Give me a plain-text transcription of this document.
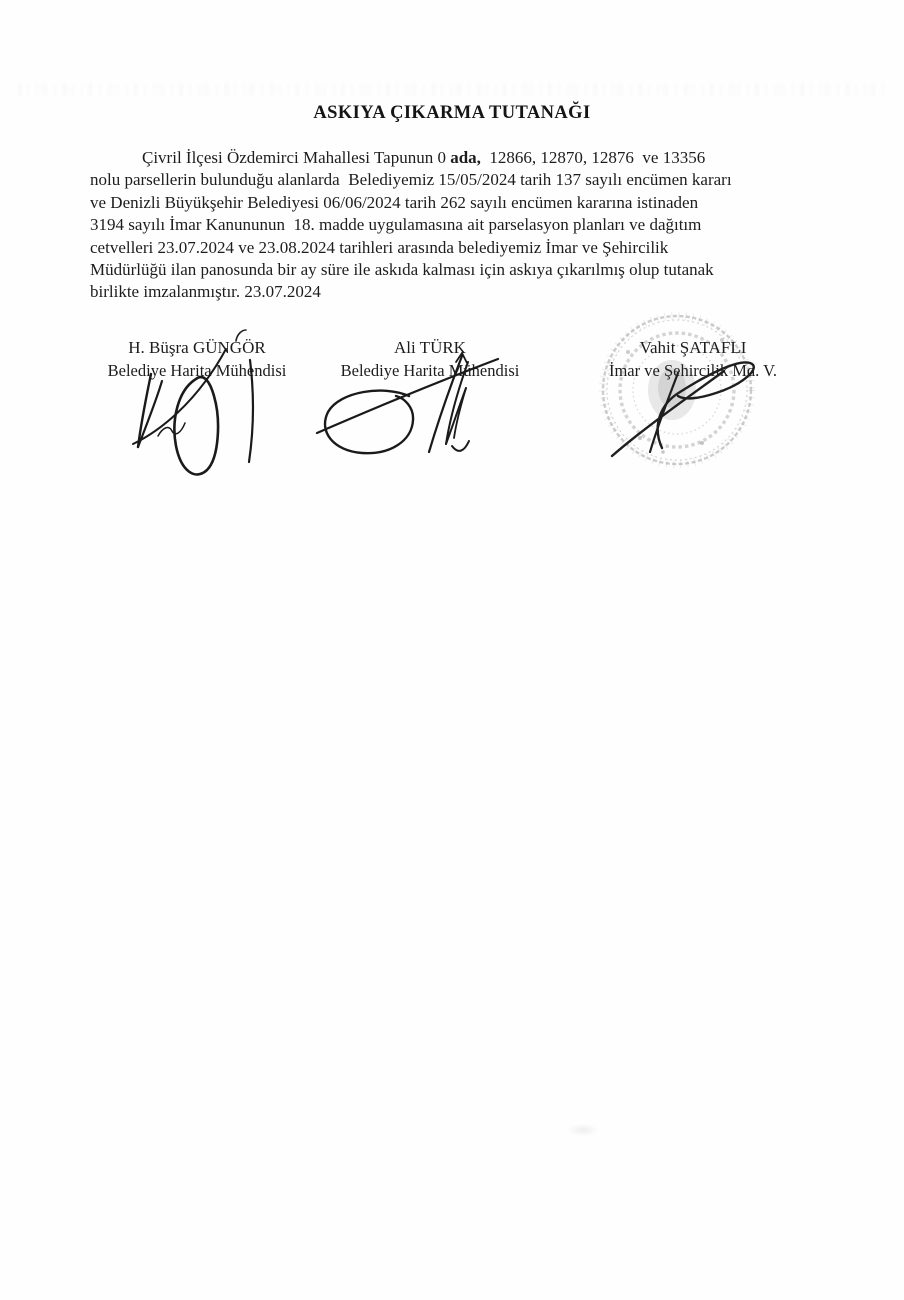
ASKIYA ÇIKARMA TUTANAĞI
Çivril İlçesi Özdemirci Mahallesi Tapunun 0 ada,  12866, 12870, 12876  ve 13356
nolu parsellerin bulunduğu alanlarda  Belediyemiz 15/05/2024 tarih 137 sayılı encümen kararı
ve Denizli Büyükşehir Belediyesi 06/06/2024 tarih 262 sayılı encümen kararına istinaden
3194 sayılı İmar Kanununun  18. madde uygulamasına ait parselasyon planları ve dağıtım
cetvelleri 23.07.2024 ve 23.08.2024 tarihleri arasında belediyemiz İmar ve Şehircilik
Müdürlüğü ilan panosunda bir ay süre ile askıda kalması için askıya çıkarılmış olup tutanak
birlikte imzalanmıştır. 23.07.2024
H. Büşra GÜNGÖR
Belediye Harita Mühendisi
Ali TÜRK
Belediye Harita Mühendisi
Vahit ŞATAFLI
İmar ve Şehircilik Md. V.
